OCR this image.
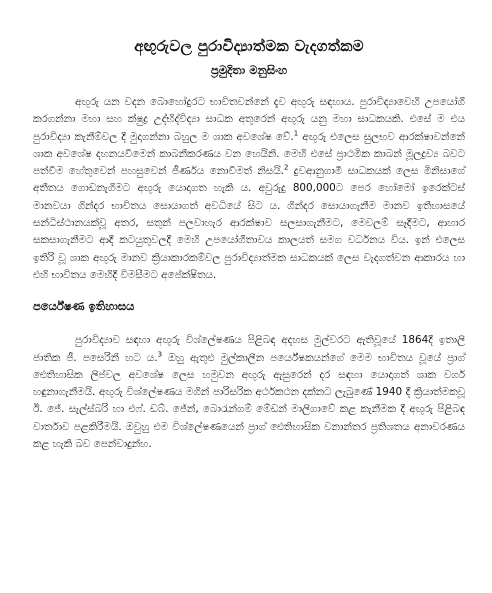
අඟුරුවල පුරාවිද්‍යාත්මක වැදගත්කම
ප්‍රමුදිතා මනුසිංහ

අඟුරු යන වදන බොහෝදුරට භාවිතවන්නේ දැව අඟුරු සඳහාය. පුරාවිද්‍යාවෙහි උපයෝගී කරගන්නා මහා සහ ක්ෂුද්‍ර උද්භිද්විද්‍යා සාධක අතුරෙන් අඟුරු යනු මහා සාධකයකි. එසේ ම එය පුරාවිද්‍යා කැනීම්වල දී මුදාගන්නා බහුල ම ශාක අවශේෂ වේ.$^1$ අඟුරු එලෙස සුලභව ආරක්ෂාවන්නේ ශාක අවශේෂ දහනයවීමෙන් කාබනීකරණය වන හෙයිනි. මෙහි එසේ ප්‍රාථමික කාබන් මූලද්‍රව්‍ය බවට පත්වීම හේතුවෙන් පහසුවෙන් ජීර්ණය නොවීමත් නිසයි.$^2$ දුවආනුගාමී සාධකයක් ලෙස මිනිසාගේ අතීතය ගොඩනැගීමට අඟුරු යොදාගත හැකි ය. අවුරුදු 800,000ට පෙර හෝමෝ ඉරෙක්ටස් මානවයා ගින්දර භාවිතය සොයාගත් අවධියේ සිට ය. ගින්දර සොයාගැනීම මානව ඉතිහාසයේ සන්ධිස්ථානයක්වූ අතර, සතුන් පලවාහැර ආරක්ෂාව සලසාගැනීමට, මෙවලම් සෑදීමට, ආහාර සකසාගැනීමට ආදී කටයුතුවලදී මෙහි උපයෝගීතාවය කාලයත් සමග වර්ධනය විය. ඉන් එලෙස ඉතිරි වූ ශාක අඟුරු මානව ක්‍රියාකාරකම්වල පුරාවිද්‍යාත්මක සාධකයක් ලෙස වැදගත්වන ආකාරය හා එහි භාවිතය මෙහිදී විමසීමට අපේක්ෂිතය.

පර්යේෂණ ඉතිහාසය

පුරාවිද්‍යාව සඳහා අඟුරු විශ්ලේෂණය පිළිබඳ අදහස මුල්වරට ඇතිවූයේ 1864දී ඉතාලි ජාතික ජී. පසෙරිනි හට ය.$^3$ ඔහු ඇතුළු මුල්කාලීන පර්යේෂකයන්ගේ මෙම භාවිතය වූයේ ප්‍රාග් ඓතිහාසික ලිප්වල අවශේෂ ලෙස හමුවන අඟුරු ඇසුරෙන් දර සඳහා යොදාගත් ශාක වර්ග හඳුනාගැනීමයි. අඟුරු විශ්ලේෂණය මගින් පාරිසරික අර්ථකථන දක්නට ලැබුණේ 1940 දී ක්‍රියාත්මකවූ ඊ. ජේ. සැල්ස්බරි හා එෆ්. ඩබ්. ජේන්, බොරැන්ගම් මේඩන් මාලිගාවේ කළ කැනීමක දී අඟුරු පිළිබඳ වාර්තාව පළකිරීමයි. ඔවුහු එම විශ්ලේෂණයෙන් ප්‍රාග් ඓතිහාසික වනාන්තර ප්‍රතිශතය අනාවරණය කළ හැකි බව පෙන්වාදුන්හ.
